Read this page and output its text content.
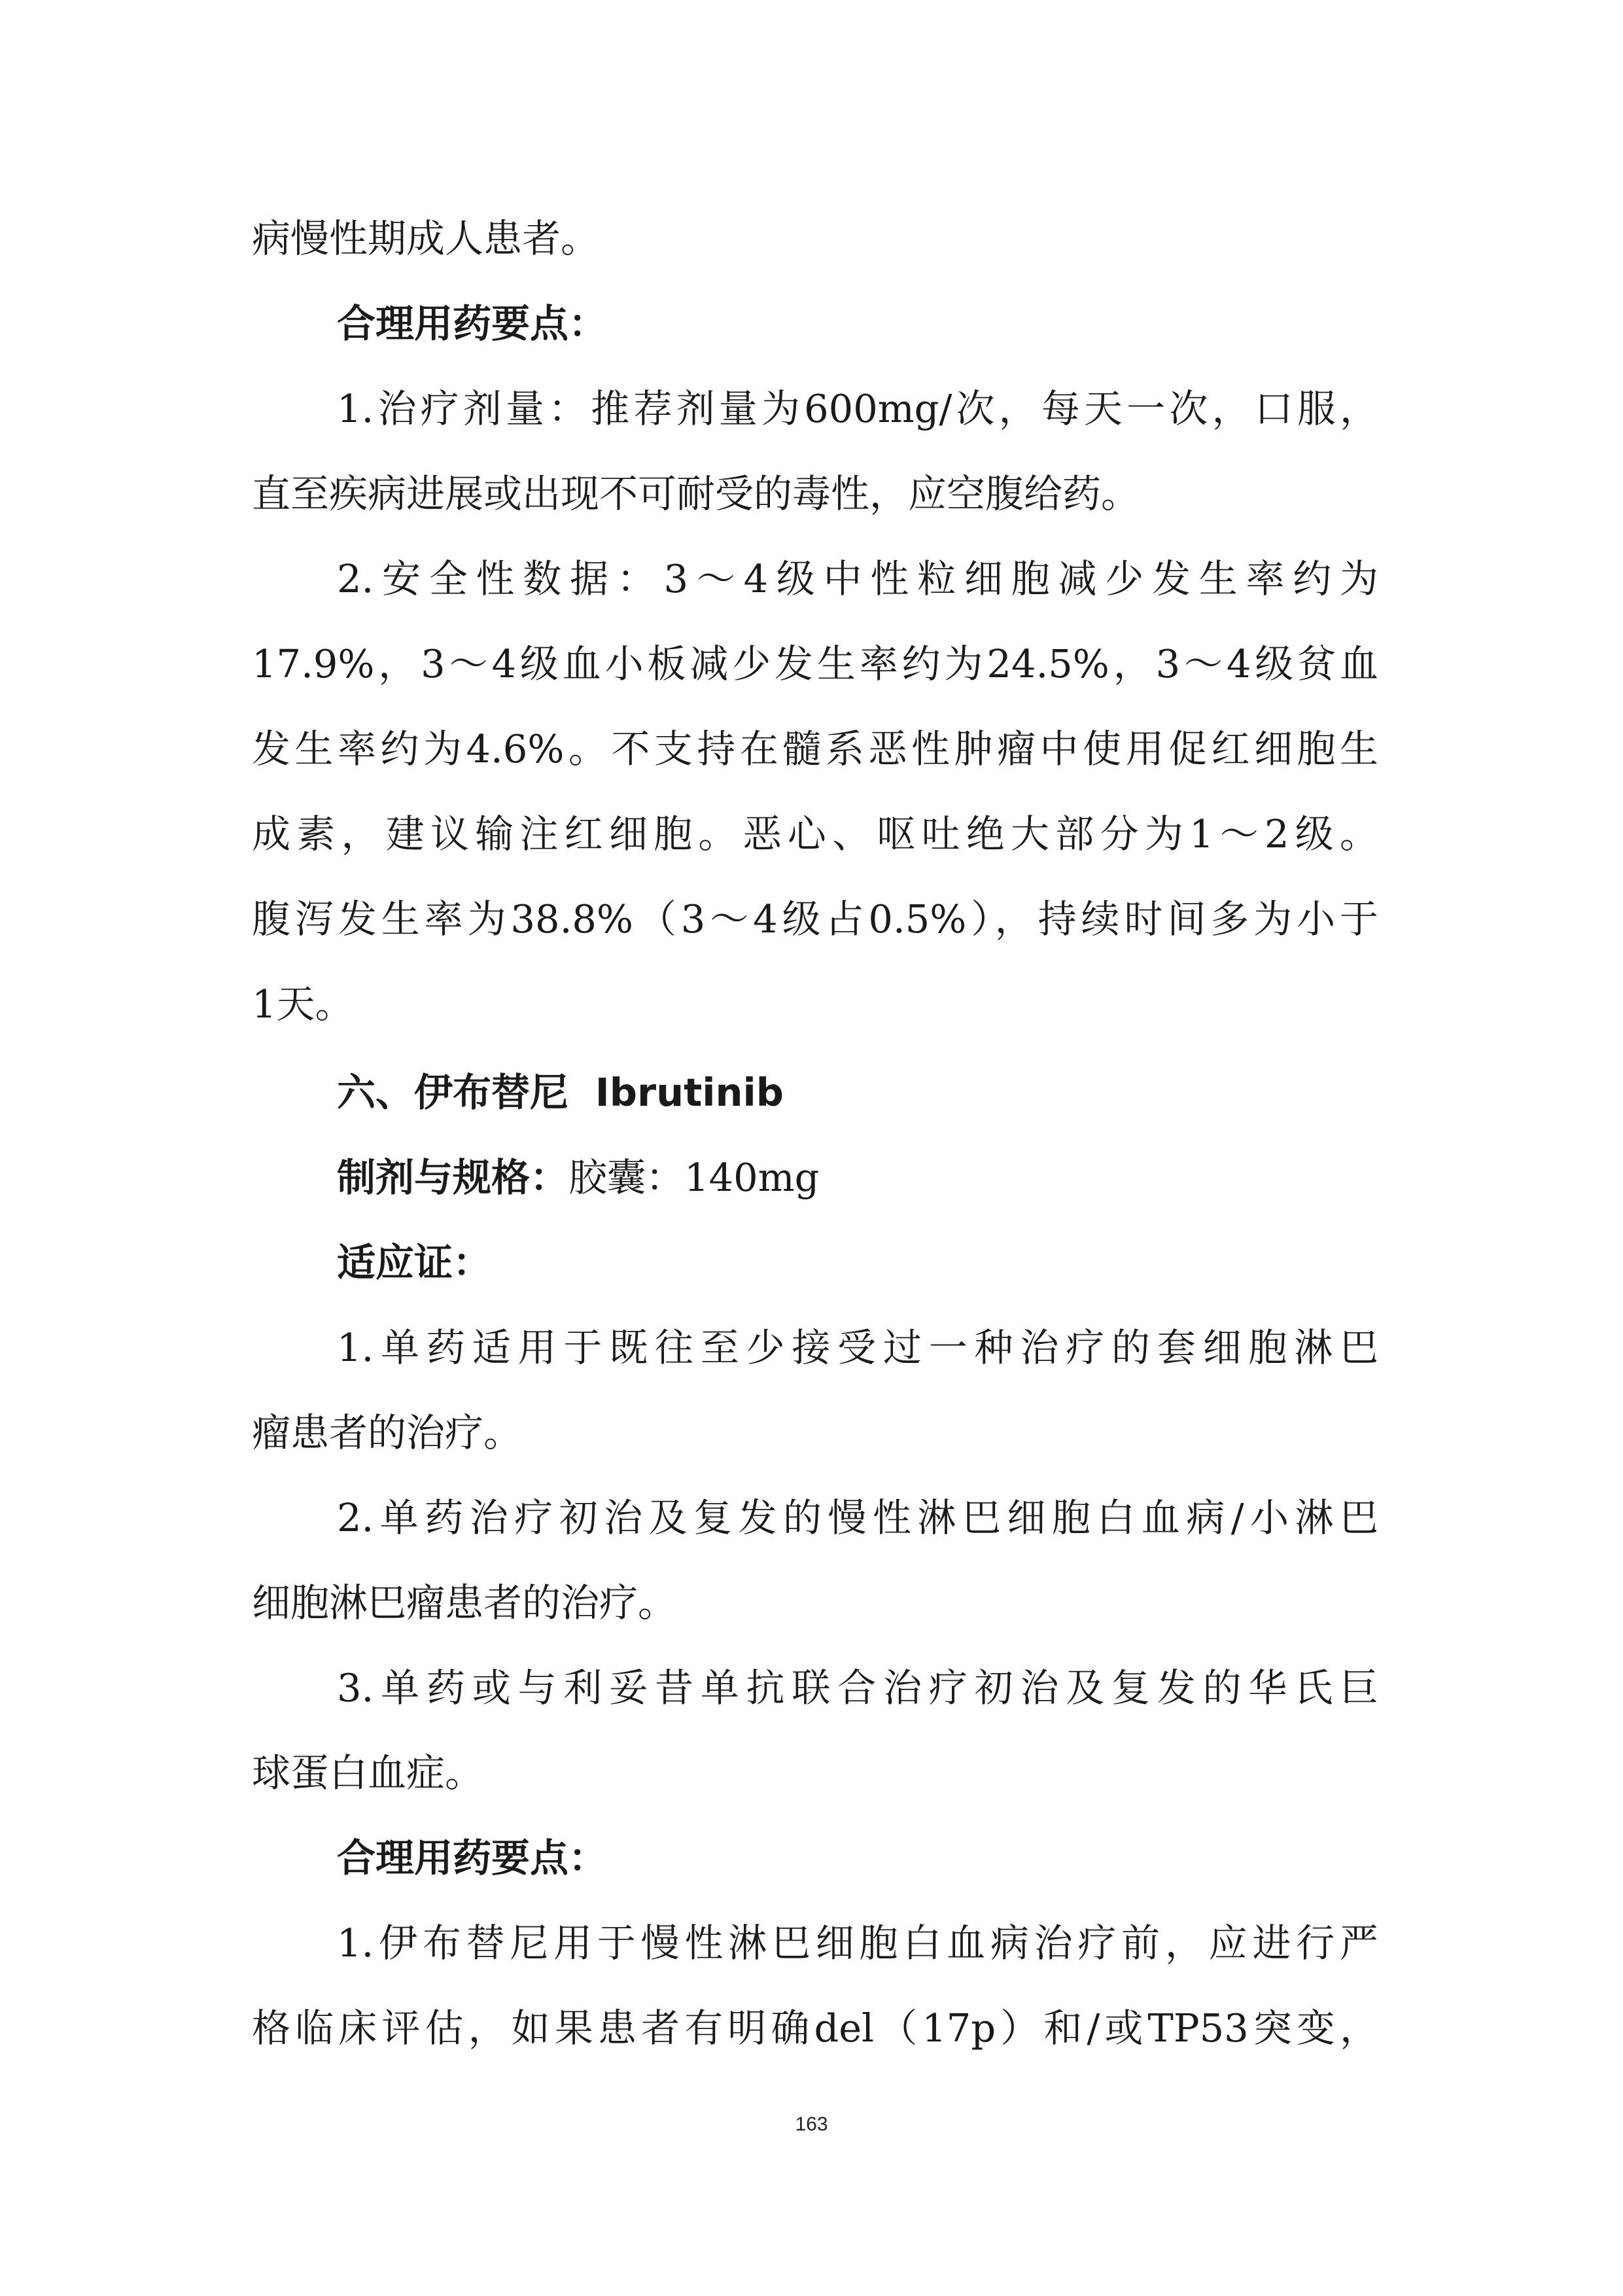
病慢性期成人患者。
合理用药要点：
1.治疗剂量：推荐剂量为600mg/次，每天一次，口服，
直至疾病进展或出现不可耐受的毒性，应空腹给药。
2.安全性数据：3～4级中性粒细胞减少发生率约为
17.9%，3～4级血小板减少发生率约为24.5%，3～4级贫血
发生率约为4.6%。不支持在髓系恶性肿瘤中使用促红细胞生
成素，建议输注红细胞。恶心、呕吐绝大部分为1～2级。
腹泻发生率为38.8%（3～4级占0.5%），持续时间多为小于
1天。
六、伊布替尼 Ibrutinib
制剂与规格：胶囊：140mg
适应证：
1.单药适用于既往至少接受过一种治疗的套细胞淋巴
瘤患者的治疗。
2.单药治疗初治及复发的慢性淋巴细胞白血病/小淋巴
细胞淋巴瘤患者的治疗。
3.单药或与利妥昔单抗联合治疗初治及复发的华氏巨
球蛋白血症。
合理用药要点：
1.伊布替尼用于慢性淋巴细胞白血病治疗前，应进行严
格临床评估，如果患者有明确del（17p）和/或TP53突变，
163
